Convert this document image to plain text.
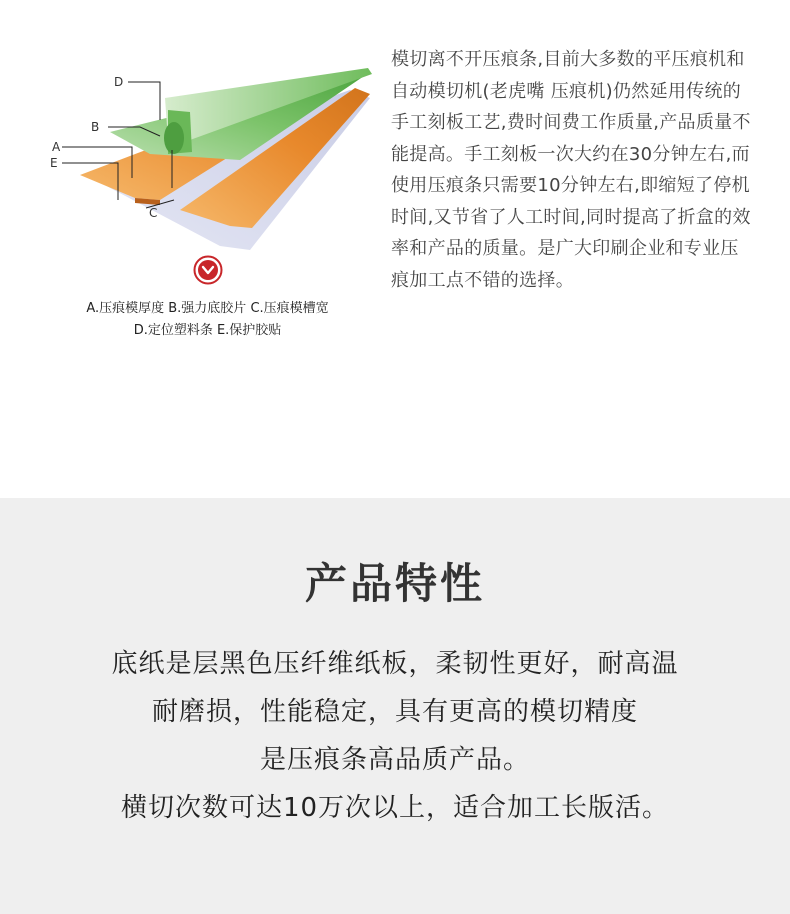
D
B
A
E
C
A.压痕模厚度 B.强力底胶片 C.压痕模槽宽
D.定位塑料条 E.保护胶贴

模切离不开压痕条,目前大多数的平压痕机和自动模切机(老虎嘴 压痕机)仍然延用传统的手工刻板工艺,费时间费工作质量,产品质量不能提高。手工刻板一次大约在30分钟左右,而使用压痕条只需要10分钟左右,即缩短了停机时间,又节省了人工时间,同时提高了折盒的效率和产品的质量。是广大印刷企业和专业压痕加工点不错的选择。

产品特性
底纸是层黑色压纤维纸板，柔韧性更好，耐高温
耐磨损，性能稳定，具有更高的模切精度
是压痕条高品质产品。
横切次数可达10万次以上，适合加工长版活。
